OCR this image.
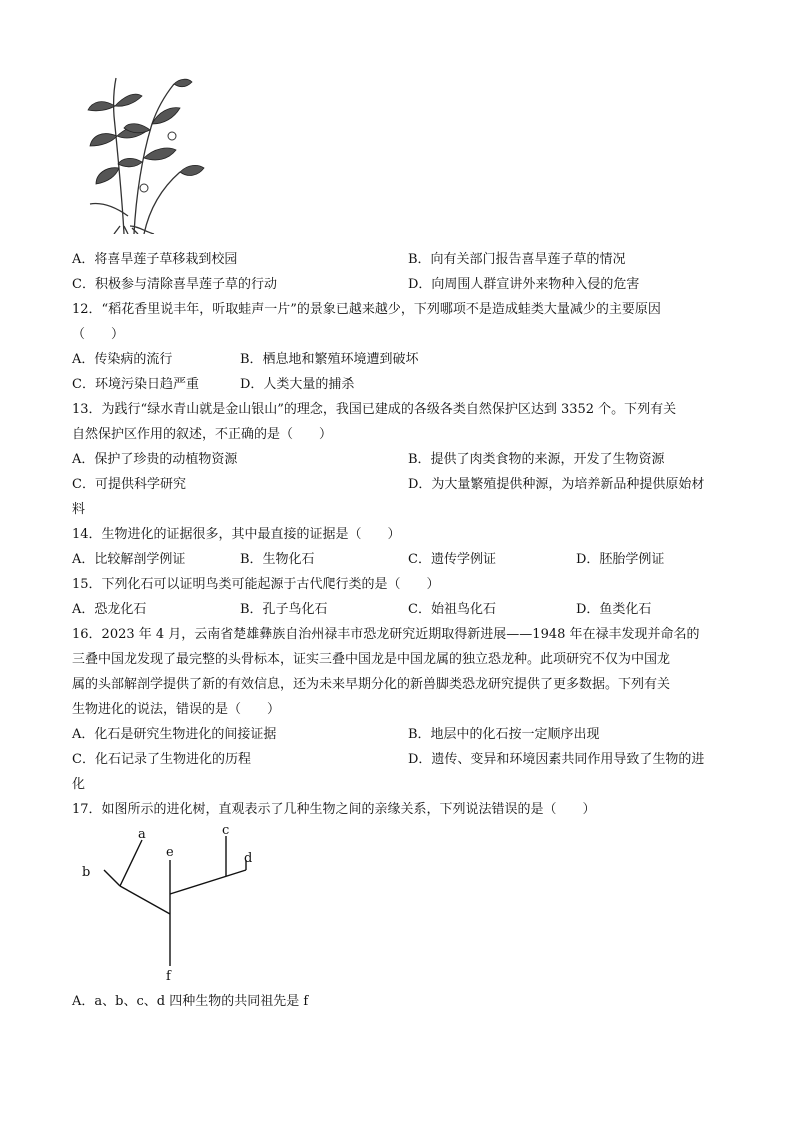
A．将喜旱莲子草移栽到校园	B．向有关部门报告喜旱莲子草的情况
C．积极参与清除喜旱莲子草的行动	D．向周围人群宣讲外来物种入侵的危害
12．“稻花香里说丰年，听取蛙声一片”的景象已越来越少，下列哪项不是造成蛙类大量减少的主要原因
（　　）
A．传染病的流行	B．栖息地和繁殖环境遭到破坏
C．环境污染日趋严重	D．人类大量的捕杀
13．为践行“绿水青山就是金山银山”的理念，我国已建成的各级各类自然保护区达到 3352 个。下列有关
自然保护区作用的叙述，不正确的是（　　）
A．保护了珍贵的动植物资源	B．提供了肉类食物的来源，开发了生物资源
C．可提供科学研究	D．为大量繁殖提供种源，为培养新品种提供原始材
料
14．生物进化的证据很多，其中最直接的证据是（　　）
A．比较解剖学例证	B．生物化石	C．遗传学例证	D．胚胎学例证
15．下列化石可以证明鸟类可能起源于古代爬行类的是（　　）
A．恐龙化石	B．孔子鸟化石	C．始祖鸟化石	D．鱼类化石
16．2023 年 4 月，云南省楚雄彝族自治州禄丰市恐龙研究近期取得新进展——1948 年在禄丰发现并命名的
三叠中国龙发现了最完整的头骨标本，证实三叠中国龙是中国龙属的独立恐龙种。此项研究不仅为中国龙
属的头部解剖学提供了新的有效信息，还为未来早期分化的新兽脚类恐龙研究提供了更多数据。下列有关
生物进化的说法，错误的是（　　）
A．化石是研究生物进化的间接证据	B．地层中的化石按一定顺序出现
C．化石记录了生物进化的历程	D．遗传、变异和环境因素共同作用导致了生物的进
化
17．如图所示的进化树，直观表示了几种生物之间的亲缘关系，下列说法错误的是（　　）
a
b
c
d
e
f
A．a、b、c、d 四种生物的共同祖先是 f
